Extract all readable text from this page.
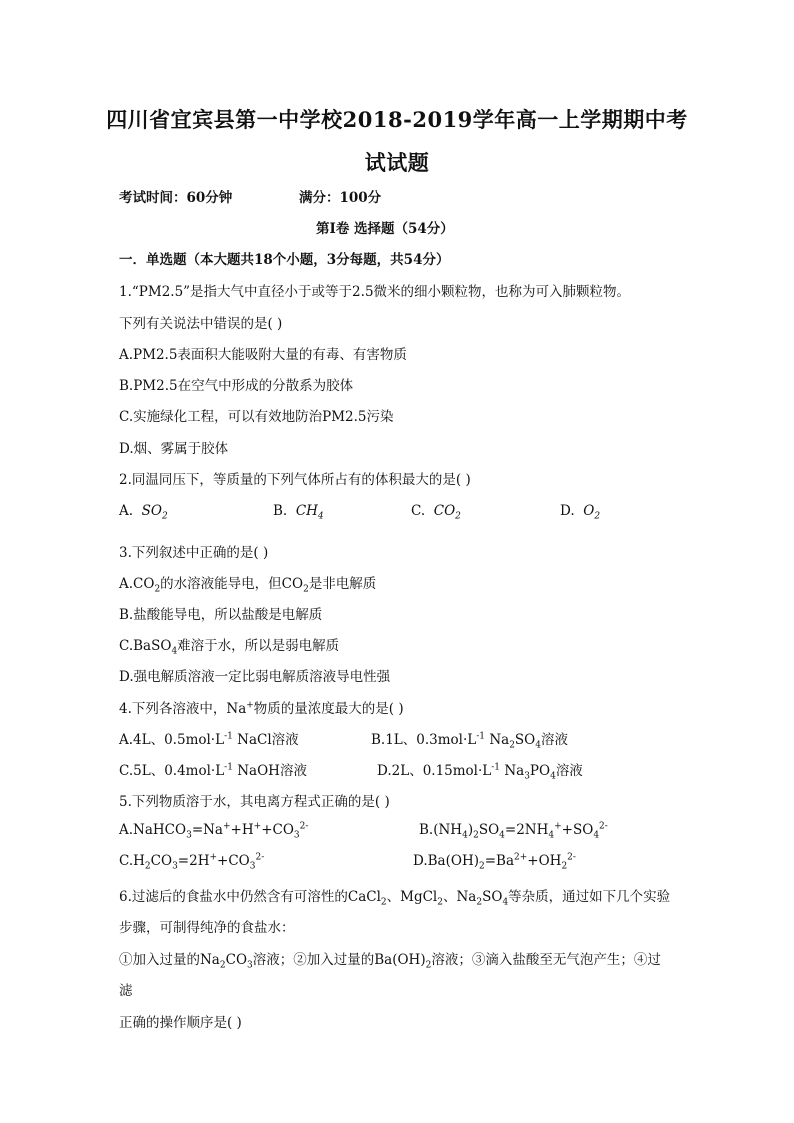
四川省宜宾县第一中学校2018-2019学年高一上学期期中考
试试题
考试时间：60分钟	满分：100分
第Ⅰ卷 选择题（54分）
一．单选题（本大题共18个小题，3分每题，共54分）
1.“PM2.5”是指大气中直径小于或等于2.5微米的细小颗粒物，也称为可入肺颗粒物。
下列有关说法中错误的是( )
A.PM2.5表面积大能吸附大量的有毒、有害物质
B.PM2.5在空气中形成的分散系为胶体
C.实施绿化工程，可以有效地防治PM2.5污染
D.烟、雾属于胶体
2.同温同压下，等质量的下列气体所占有的体积最大的是( )
A. $SO_2$	B. $CH_4$	C. $CO_2$	D. $O_2$
3.下列叙述中正确的是( )
$A.CO_2$的水溶液能导电，但$CO_2$是非电解质
B.盐酸能导电，所以盐酸是电解质
C.BaSO$_4$难溶于水，所以是弱电解质
D.强电解质溶液一定比弱电解质溶液导电性强
4.下列各溶液中，Na+物质的量浓度最大的是( )
A.4L、$0.5mol\cdot L^{-1}$ NaCl溶液	B.1L、$0.3mol\cdot L^{-1}$ $Na_2SO_4$溶液
C.5L、$0.4mol\cdot L^{-1}$ NaOH溶液	D.2L、$0.15mol\cdot L^{-1}$ $Na_3PO_4$溶液
5.下列物质溶于水，其电离方程式正确的是( )
$A.NaHCO_3=Na^++H^++CO_3^{2-}$	$B.(NH_4)_2SO_4=2NH_4^++SO_4^{2-}$
$C.H_2CO_3=2H^++CO_3^{2-}$	$D.Ba(OH)_2=Ba^{2+}+OH_2^{2-}$
6.过滤后的食盐水中仍然含有可溶性的CaCl$_2$、MgCl$_2$、$Na_2SO_4$等杂质，通过如下几个实验
步骤，可制得纯净的食盐水：
①加入过量的$Na_2CO_3$溶液；②加入过量的$Ba(OH)_2$溶液；③滴入盐酸至无气泡产生；④过
滤
正确的操作顺序是( )
